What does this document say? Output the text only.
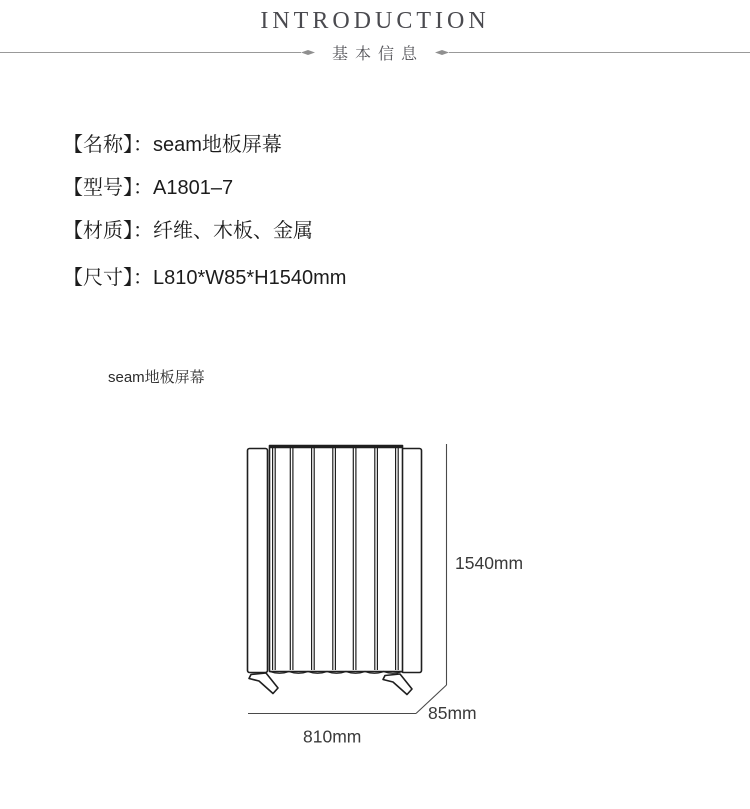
INTRODUCTION
基本信息
【名称】：seam地板屏幕
【型号】：A1801–7
【材质】：纤维、木板、金属
【尺寸】：L810*W85*H1540mm
seam地板屏幕
1540mm
85mm
810mm
